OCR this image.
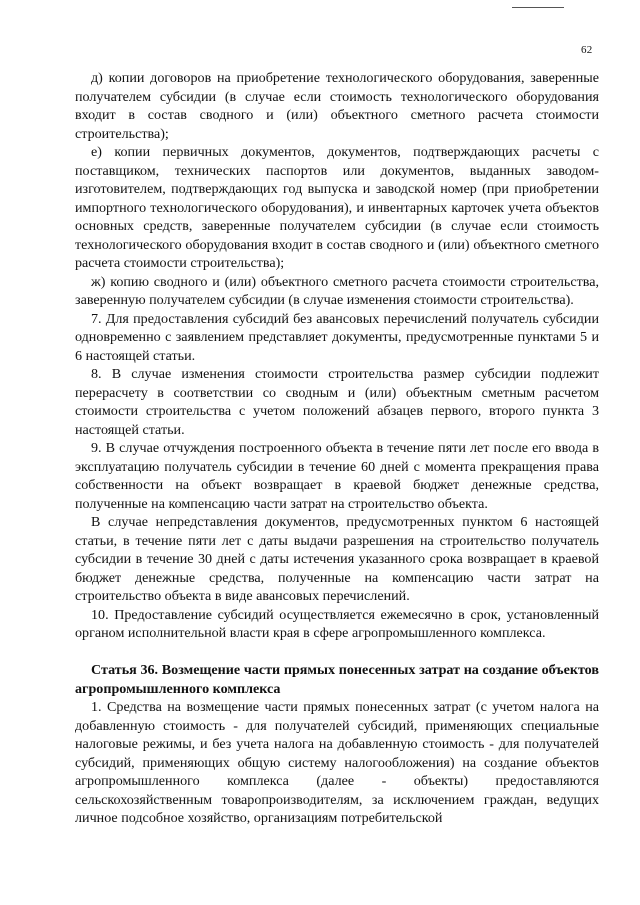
62

д) копии договоров на приобретение технологического оборудования, заверенные получателем субсидии (в случае если стоимость технологического оборудования входит в состав сводного и (или) объектного сметного расчета стоимости строительства);

е) копии первичных документов, документов, подтверждающих расчеты с поставщиком, технических паспортов или документов, выданных заводом-изготовителем, подтверждающих год выпуска и заводской номер (при приобретении импортного технологического оборудования), и инвентарных карточек учета объектов основных средств, заверенные получателем субсидии (в случае если стоимость технологического оборудования входит в состав сводного и (или) объектного сметного расчета стоимости строительства);

ж) копию сводного и (или) объектного сметного расчета стоимости строительства, заверенную получателем субсидии (в случае изменения стоимости строительства).

7. Для предоставления субсидий без авансовых перечислений получатель субсидии одновременно с заявлением представляет документы, предусмотренные пунктами 5 и 6 настоящей статьи.

8. В случае изменения стоимости строительства размер субсидии подлежит перерасчету в соответствии со сводным и (или) объектным сметным расчетом стоимости строительства с учетом положений абзацев первого, второго пункта 3 настоящей статьи.

9. В случае отчуждения построенного объекта в течение пяти лет после его ввода в эксплуатацию получатель субсидии в течение 60 дней с момента прекращения права собственности на объект возвращает в краевой бюджет денежные средства, полученные на компенсацию части затрат на строительство объекта.

В случае непредставления документов, предусмотренных пунктом 6 настоящей статьи, в течение пяти лет с даты выдачи разрешения на строительство получатель субсидии в течение 30 дней с даты истечения указанного срока возвращает в краевой бюджет денежные средства, полученные на компенсацию части затрат на строительство объекта в виде авансовых перечислений.

10. Предоставление субсидий осуществляется ежемесячно в срок, установленный органом исполнительной власти края в сфере агропромышленного комплекса.

Статья 36. Возмещение части прямых понесенных затрат на создание объектов агропромышленного комплекса

1. Средства на возмещение части прямых понесенных затрат (с учетом налога на добавленную стоимость - для получателей субсидий, применяющих специальные налоговые режимы, и без учета налога на добавленную стоимость - для получателей субсидий, применяющих общую систему налогообложения) на создание объектов агропромышленного комплекса (далее - объекты) предоставляются сельскохозяйственным товаропроизводителям, за исключением граждан, ведущих личное подсобное хозяйство, организациям потребительской
